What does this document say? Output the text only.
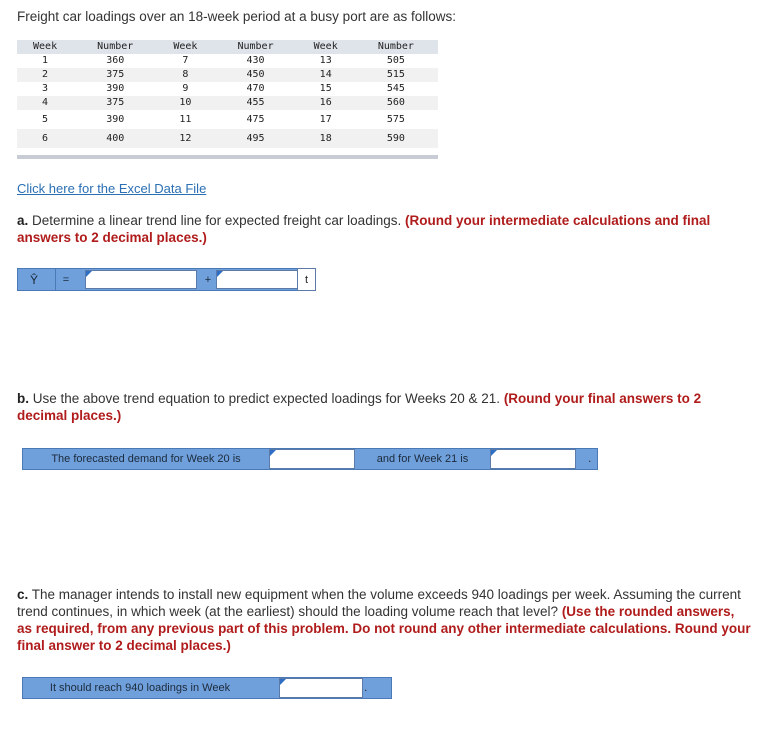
Freight car loadings over an 18-week period at a busy port are as follows:
Week	Number	Week	Number	Week	Number
1	360	7	430	13	505
2	375	8	450	14	515
3	390	9	470	15	545
4	375	10	455	16	560
5	390	11	475	17	575
6	400	12	495	18	590
Click here for the Excel Data File
a. Determine a linear trend line for expected freight car loadings. (Round your intermediate calculations and final answers to 2 decimal places.)
Ŷ	=	+	t
b. Use the above trend equation to predict expected loadings for Weeks 20 & 21. (Round your final answers to 2 decimal places.)
The forecasted demand for Week 20 is	and for Week 21 is	.
c. The manager intends to install new equipment when the volume exceeds 940 loadings per week. Assuming the current trend continues, in which week (at the earliest) should the loading volume reach that level? (Use the rounded answers, as required, from any previous part of this problem. Do not round any other intermediate calculations. Round your final answer to 2 decimal places.)
It should reach 940 loadings in Week	.
